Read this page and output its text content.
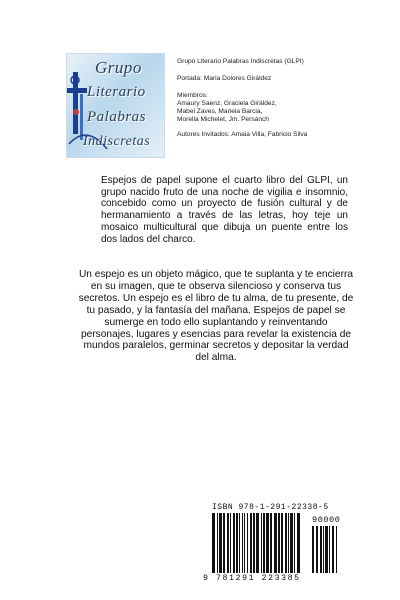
Grupo
Literario
Palabras
Indiscretas
Grupo Literario Palabras Indiscretas (GLPI)
Portada: Maria Dolores Giráldez
Miembros:
Amaury Saenz, Graciela Giráldez,
Mabel Zaves, Mariela Barcia,
Morella Michelet, Jm. Persánch
Autores Invitados: Amaia Villa, Fabricio Silva

Espejos de papel supone el cuarto libro del GLPI, un grupo nacido fruto de una noche de vigilia e insomnio, concebido como un proyecto de fusión cultural y de hermanamiento a través de las letras, hoy teje un mosaico multicultural que dibuja un puente entre los dos lados del charco.

Un espejo es un objeto mágico, que te suplanta y te encierra en su imagen, que te observa silencioso y conserva tus secretos. Un espejo es el libro de tu alma, de tu presente, de tu pasado, y la fantasía del mañana. Espejos de papel se sumerge en todo ello suplantando y reinventando personajes, lugares y esencias para revelar la existencia de mundos paralelos, germinar secretos y depositar la verdad del alma.

ISBN 978-1-291-22338-5
9 781291 223385
90000
